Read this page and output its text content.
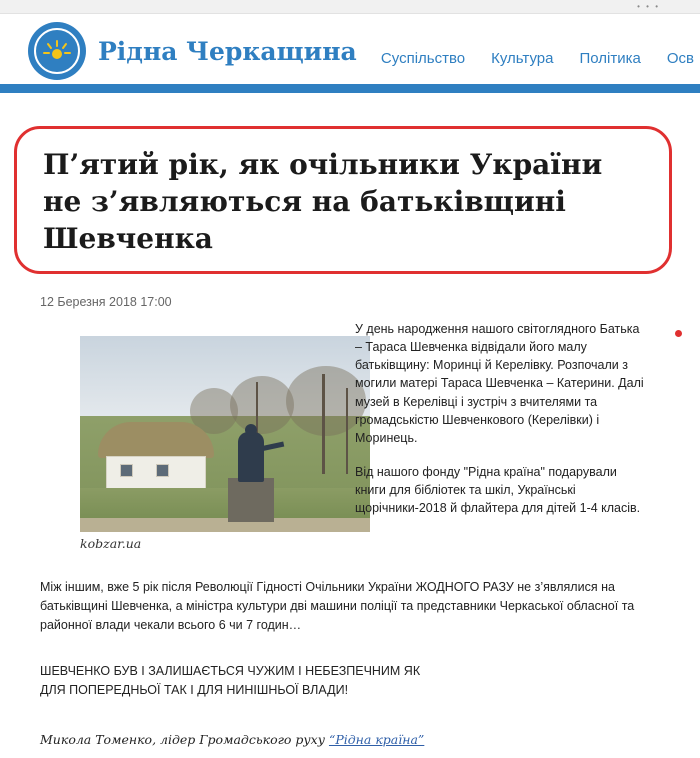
• • •
Рідна Черкащина Суспільство Культура Політика Осв
П’ятий рік, як очільники України не з’являються на батьківщині Шевченка
12 Березня 2018 17:00
kobzar.ua

У день народження нашого світоглядного Батька – Тараса Шевченка відвідали його малу батьківщину: Моринці й Керелівку. Розпочали з могили матері Тараса Шевченка – Катерини. Далі музей в Керелівці і зустріч з вчителями та громадськістю Шевченкового (Керелівки) і Моринець.

Від нашого фонду "Рідна країна" подарували книги для бібліотек та шкіл, Українські щорічники-2018 й флайтера для дітей 1-4 класів.

Між іншим, вже 5 рік після Революції Гідності Очільники України ЖОДНОГО РАЗУ не з’являлися на батьківщині Шевченка, а міністра культури дві машини поліції та представники Черкаської обласної та районної влади чекали всього 6 чи 7 годин…

ШЕВЧЕНКО БУВ І ЗАЛИШАЄТЬСЯ ЧУЖИМ І НЕБЕЗПЕЧНИМ ЯК
ДЛЯ ПОПЕРЕДНЬОЇ ТАК І ДЛЯ НИНІШНЬОЇ ВЛАДИ!
Микола Томенко, лідер Громадського руху “Рідна країна”
